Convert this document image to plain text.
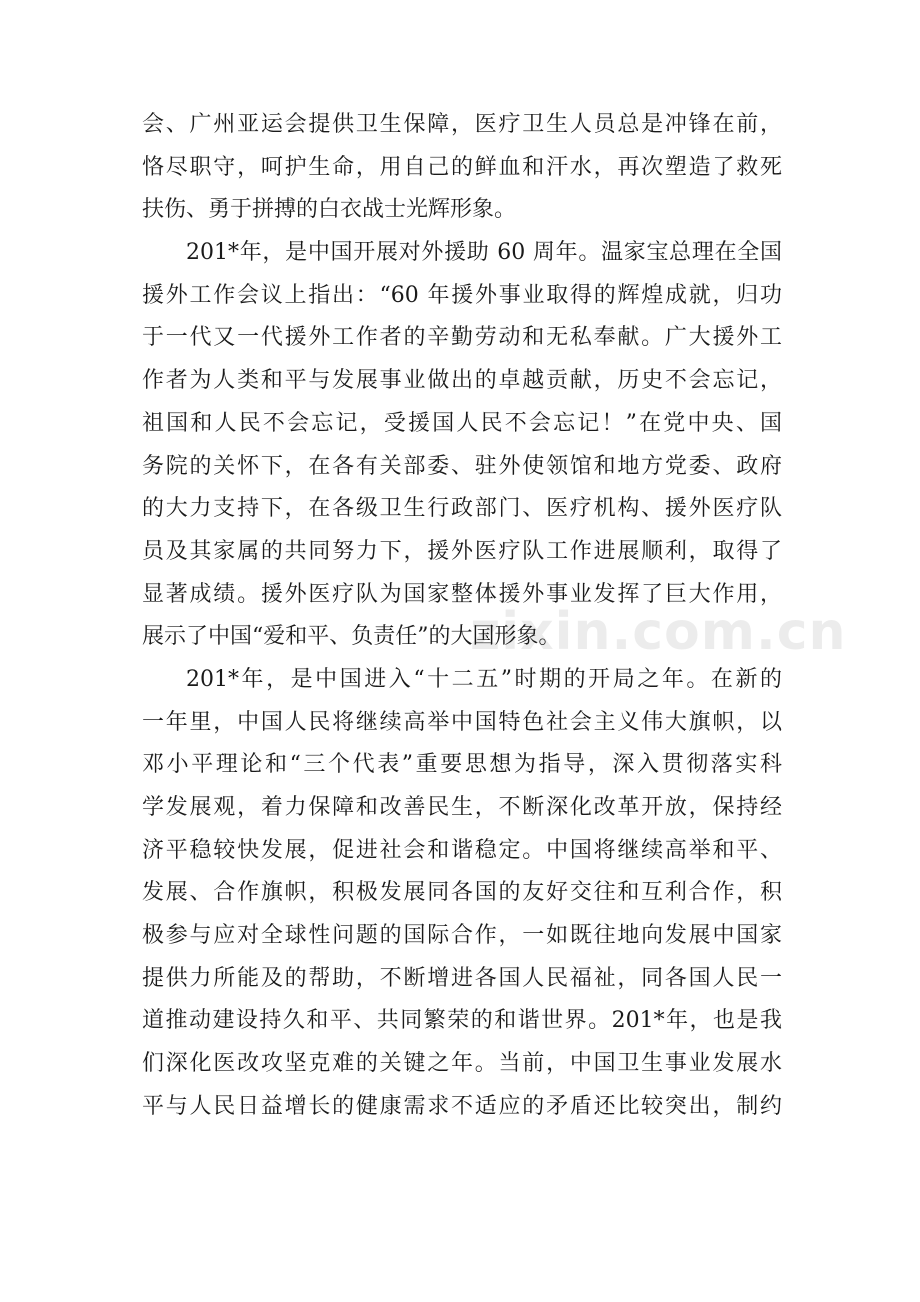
会、广州亚运会提供卫生保障，医疗卫生人员总是冲锋在前，
恪尽职守，呵护生命，用自己的鲜血和汗水，再次塑造了救死
扶伤、勇于拼搏的白衣战士光辉形象。
201*年，是中国开展对外援助 60 周年。温家宝总理在全国
援外工作会议上指出：“60 年援外事业取得的辉煌成就，归功
于一代又一代援外工作者的辛勤劳动和无私奉献。广大援外工
作者为人类和平与发展事业做出的卓越贡献，历史不会忘记，
祖国和人民不会忘记，受援国人民不会忘记！”在党中央、国
务院的关怀下，在各有关部委、驻外使领馆和地方党委、政府
的大力支持下，在各级卫生行政部门、医疗机构、援外医疗队
员及其家属的共同努力下，援外医疗队工作进展顺利，取得了
显著成绩。援外医疗队为国家整体援外事业发挥了巨大作用，
展示了中国“爱和平、负责任”的大国形象。
201*年，是中国进入“十二五”时期的开局之年。在新的
一年里，中国人民将继续高举中国特色社会主义伟大旗帜，以
邓小平理论和“三个代表”重要思想为指导，深入贯彻落实科
学发展观，着力保障和改善民生，不断深化改革开放，保持经
济平稳较快发展，促进社会和谐稳定。中国将继续高举和平、
发展、合作旗帜，积极发展同各国的友好交往和互利合作，积
极参与应对全球性问题的国际合作，一如既往地向发展中国家
提供力所能及的帮助，不断增进各国人民福祉，同各国人民一
道推动建设持久和平、共同繁荣的和谐世界。201*年，也是我
们深化医改攻坚克难的关键之年。当前，中国卫生事业发展水
平与人民日益增长的健康需求不适应的矛盾还比较突出，制约
zixin.com.cn
